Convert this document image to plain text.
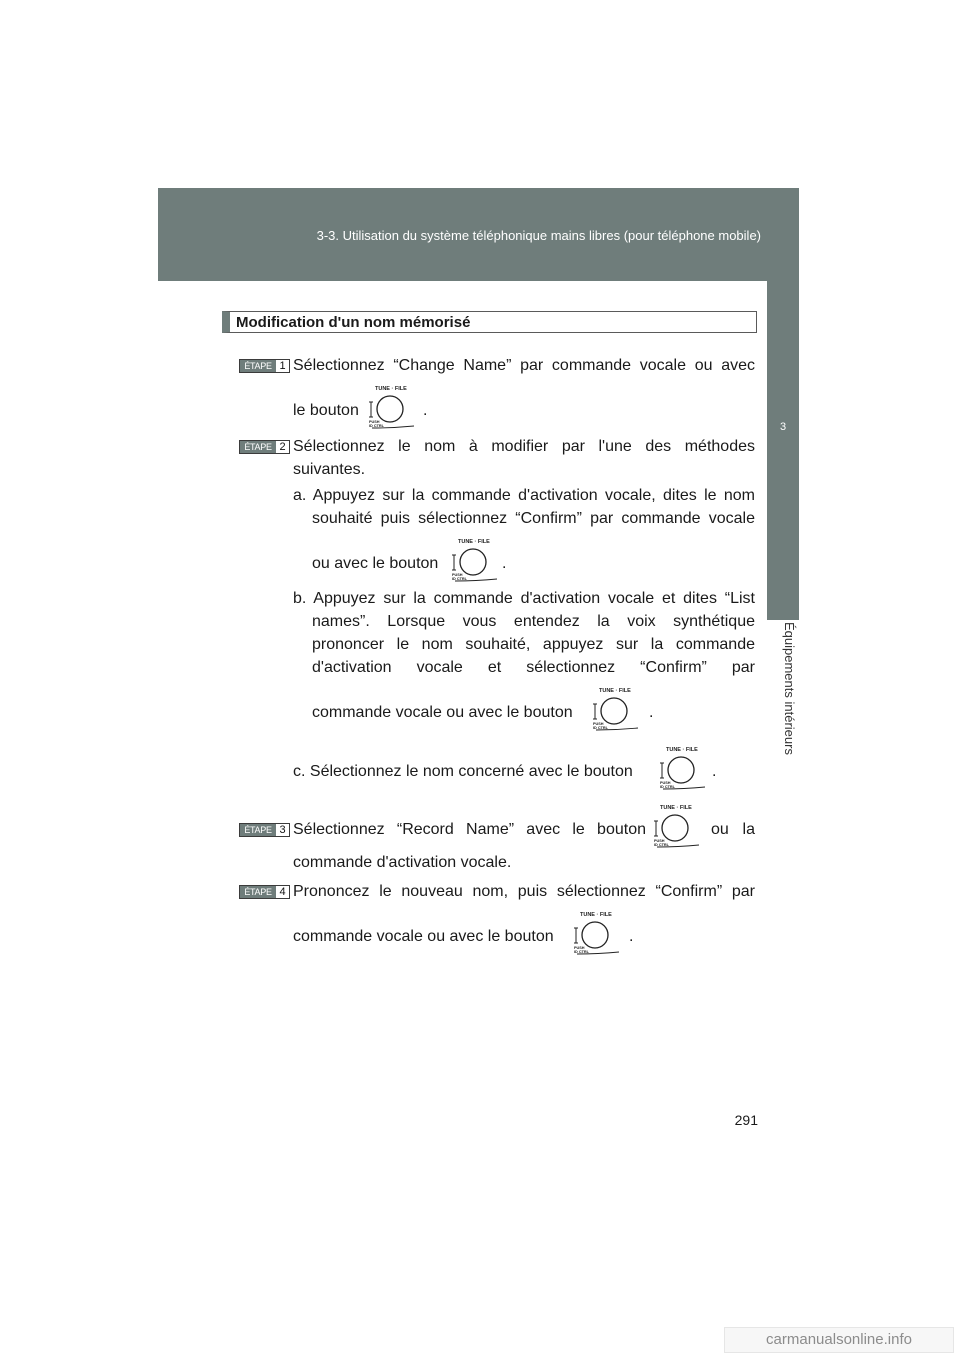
3-3. Utilisation du système téléphonique mains libres (pour téléphone mobile)
3
Équipements intérieurs
Modification d'un nom mémorisé
ÉTAPE 1 Sélectionnez “Change Name” par commande vocale ou avec
le bouton
TUNE · FILE
PUSH
ID CTRL
.
ÉTAPE 2 Sélectionnez le nom à modifier par l'une des méthodes
suivantes.
a. Appuyez sur la commande d'activation vocale, dites le nom
souhaité puis sélectionnez “Confirm” par commande vocale
ou avec le bouton
TUNE · FILE
PUSH
ID CTRL
.
b. Appuyez sur la commande d'activation vocale et dites “List
names”. Lorsque vous entendez la voix synthétique
prononcer le nom souhaité, appuyez sur la commande
d'activation vocale et sélectionnez “Confirm” par
commande vocale ou avec le bouton
TUNE · FILE
PUSH
ID CTRL
.
c. Sélectionnez le nom concerné avec le bouton
TUNE · FILE
PUSH
ID CTRL
.
ÉTAPE 3 Sélectionnez “Record Name” avec le bouton
TUNE · FILE
PUSH
ID CTRL
ou la
commande d'activation vocale.
ÉTAPE 4 Prononcez le nouveau nom, puis sélectionnez “Confirm” par
commande vocale ou avec le bouton
TUNE · FILE
PUSH
ID CTRL
.
291
carmanualsonline.info
